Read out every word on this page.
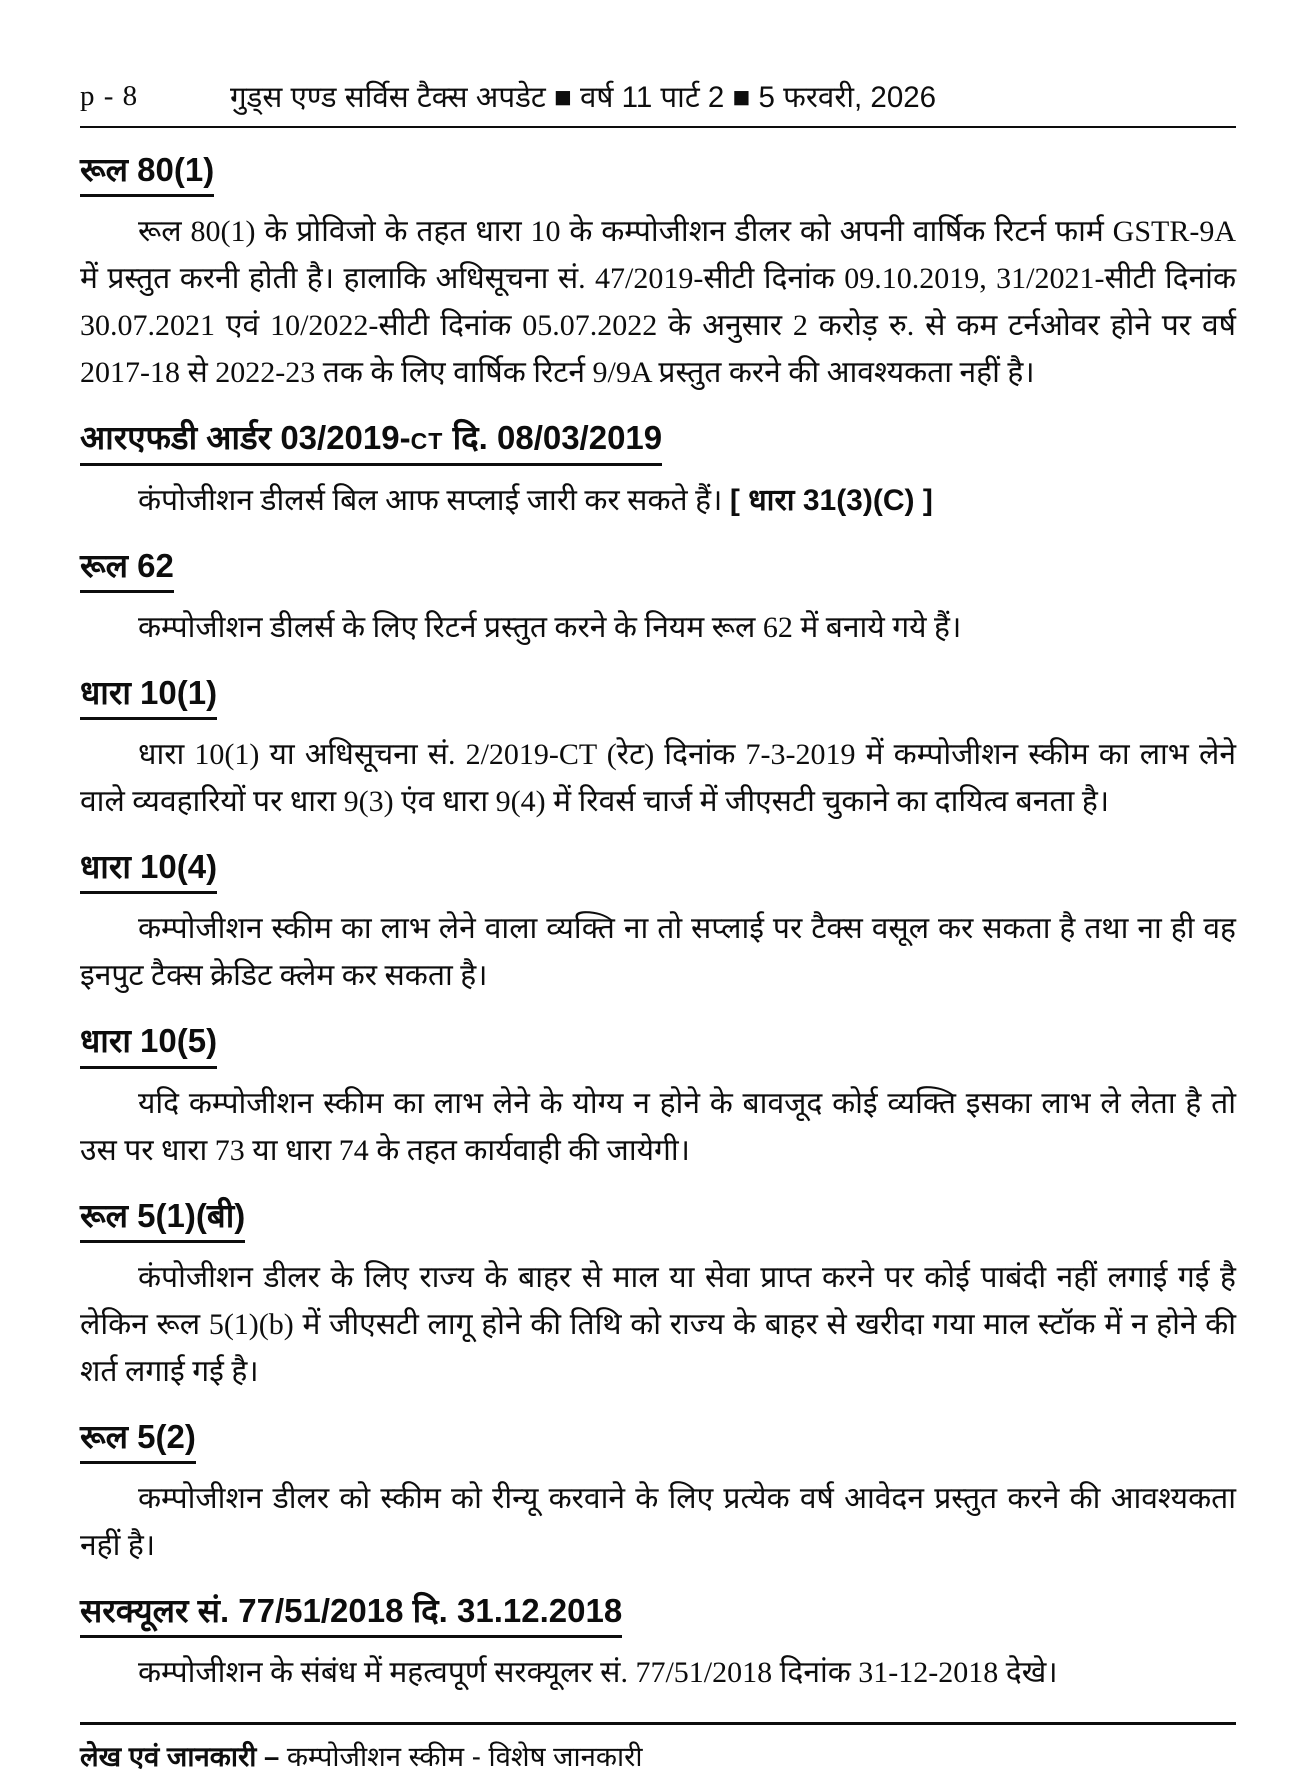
p - 8	गुड्स एण्ड सर्विस टैक्स अपडेट ■ वर्ष 11 पार्ट 2 ■ 5 फरवरी, 2026
रूल 80(1)

रूल 80(1) के प्रोविजो के तहत धारा 10 के कम्पोजीशन डीलर को अपनी वार्षिक रिटर्न फार्म GSTR-9A में प्रस्तुत करनी होती है। हालाकि अधिसूचना सं. 47/2019-सीटी दिनांक 09.10.2019, 31/2021-सीटी दिनांक 30.07.2021 एवं 10/2022-सीटी दिनांक 05.07.2022 के अनुसार 2 करोड़ रु. से कम टर्नओवर होने पर वर्ष 2017-18 से 2022-23 तक के लिए वार्षिक रिटर्न 9/9A प्रस्तुत करने की आवश्यकता नहीं है।

आरएफडी आर्डर 03/2019-CT दि. 08/03/2019

कंपोजीशन डीलर्स बिल आफ सप्लाई जारी कर सकते हैं। [ धारा 31(3)(C) ]

रूल 62

कम्पोजीशन डीलर्स के लिए रिटर्न प्रस्तुत करने के नियम रूल 62 में बनाये गये हैं।

धारा 10(1)

धारा 10(1) या अधिसूचना सं. 2/2019-CT (रेट) दिनांक 7-3-2019 में कम्पोजीशन स्कीम का लाभ लेने वाले व्यवहारियों पर धारा 9(3) एंव धारा 9(4) में रिवर्स चार्ज में जीएसटी चुकाने का दायित्व बनता है।

धारा 10(4)

कम्पोजीशन स्कीम का लाभ लेने वाला व्यक्ति ना तो सप्लाई पर टैक्स वसूल कर सकता है तथा ना ही वह इनपुट टैक्स क्रेडिट क्लेम कर सकता है।

धारा 10(5)

यदि कम्पोजीशन स्कीम का लाभ लेने के योग्य न होने के बावजूद कोई व्यक्ति इसका लाभ ले लेता है तो उस पर धारा 73 या धारा 74 के तहत कार्यवाही की जायेगी।

रूल 5(1)(बी)

कंपोजीशन डीलर के लिए राज्य के बाहर से माल या सेवा प्राप्त करने पर कोई पाबंदी नहीं लगाई गई है लेकिन रूल 5(1)(b) में जीएसटी लागू होने की तिथि को राज्य के बाहर से खरीदा गया माल स्टॉक में न होने की शर्त लगाई गई है।

रूल 5(2)

कम्पोजीशन डीलर को स्कीम को रीन्यू करवाने के लिए प्रत्येक वर्ष आवेदन प्रस्तुत करने की आवश्यकता नहीं है।

सरक्यूलर सं. 77/51/2018 दि. 31.12.2018

कम्पोजीशन के संबंध में महत्वपूर्ण सरक्यूलर सं. 77/51/2018 दिनांक 31-12-2018 देखे।

लेख एवं जानकारी – कम्पोजीशन स्कीम - विशेष जानकारी
